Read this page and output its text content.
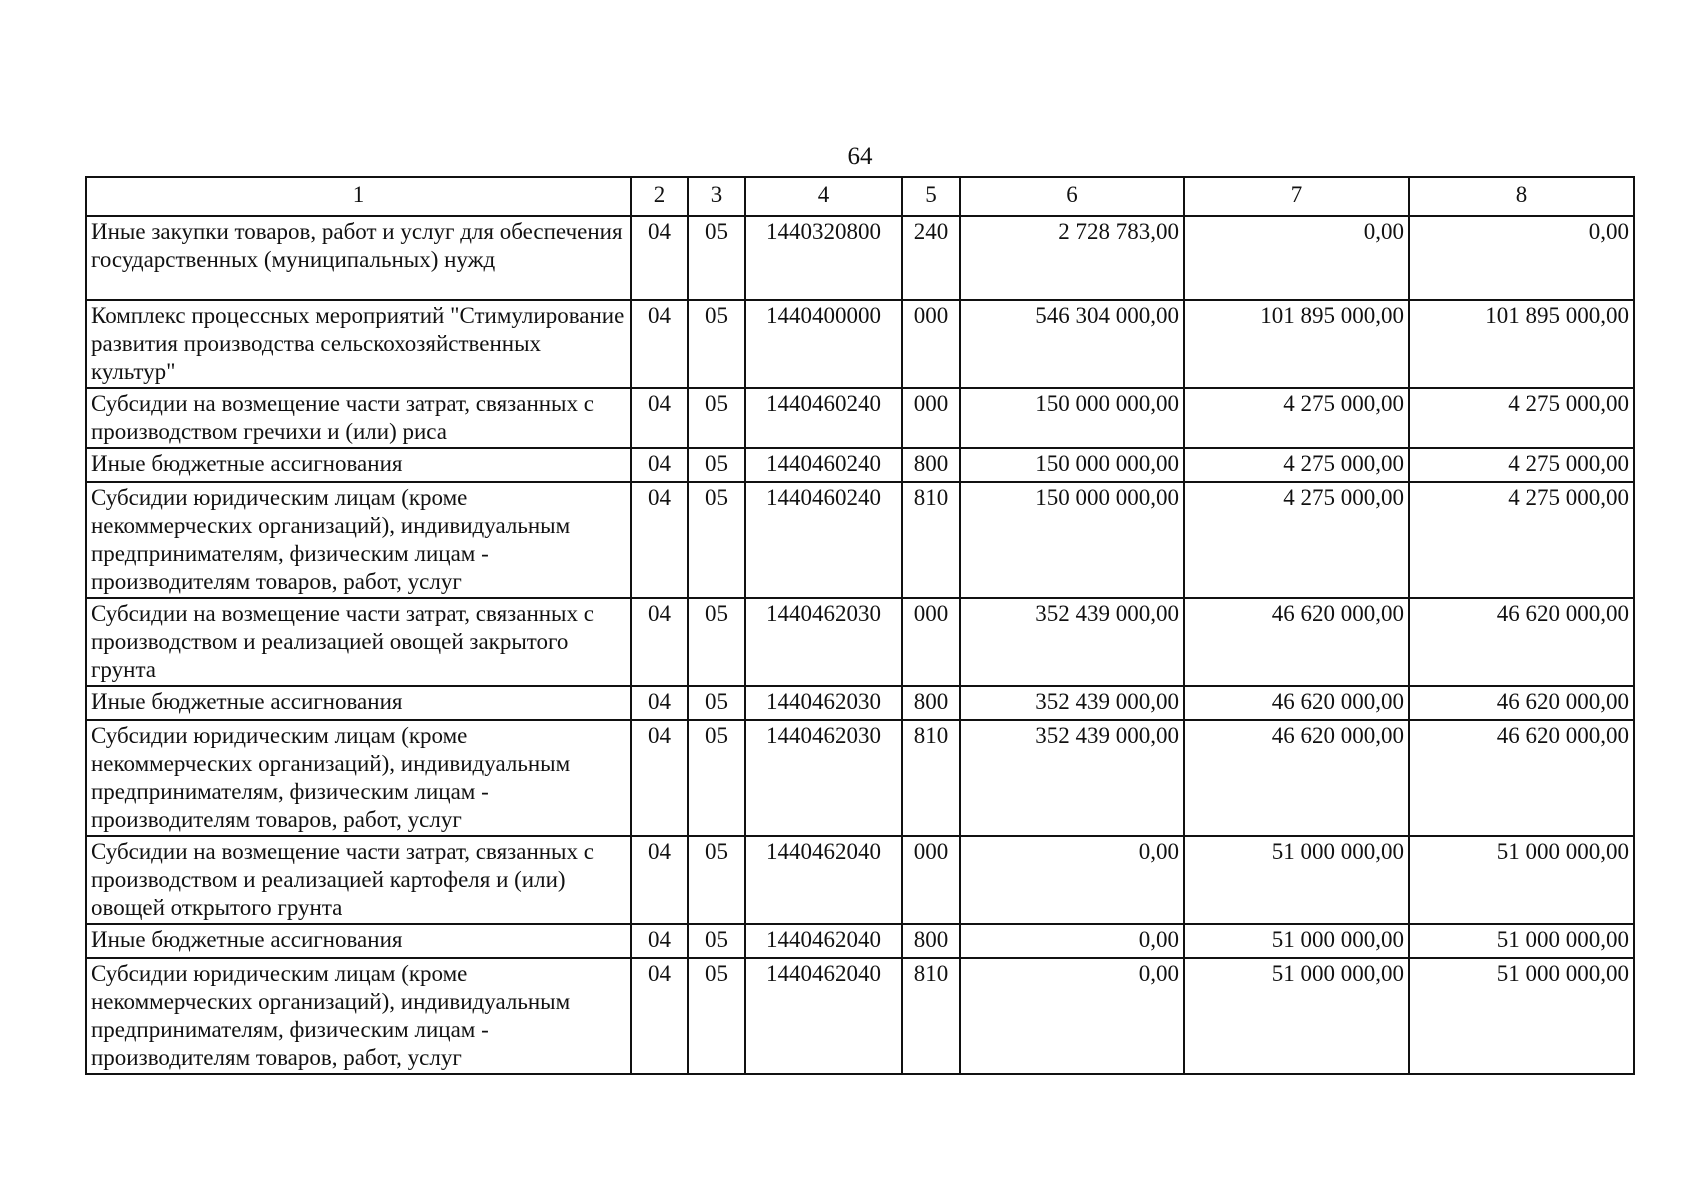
64
1	2	3	4	5	6	7	8
Иные закупки товаров, работ и услуг для обеспечения государственных (муниципальных) нужд	04	05	1440320800	240	2 728 783,00	0,00	0,00
Комплекс процессных мероприятий "Стимулирование развития производства сельскохозяйственных культур"	04	05	1440400000	000	546 304 000,00	101 895 000,00	101 895 000,00
Субсидии на возмещение части затрат, связанных с производством гречихи и (или) риса	04	05	1440460240	000	150 000 000,00	4 275 000,00	4 275 000,00
Иные бюджетные ассигнования	04	05	1440460240	800	150 000 000,00	4 275 000,00	4 275 000,00
Субсидии юридическим лицам (кроме некоммерческих организаций), индивидуальным предпринимателям, физическим лицам - производителям товаров, работ, услуг	04	05	1440460240	810	150 000 000,00	4 275 000,00	4 275 000,00
Субсидии на возмещение части затрат, связанных с производством и реализацией овощей закрытого грунта	04	05	1440462030	000	352 439 000,00	46 620 000,00	46 620 000,00
Иные бюджетные ассигнования	04	05	1440462030	800	352 439 000,00	46 620 000,00	46 620 000,00
Субсидии юридическим лицам (кроме некоммерческих организаций), индивидуальным предпринимателям, физическим лицам - производителям товаров, работ, услуг	04	05	1440462030	810	352 439 000,00	46 620 000,00	46 620 000,00
Субсидии на возмещение части затрат, связанных с производством и реализацией картофеля и (или) овощей открытого грунта	04	05	1440462040	000	0,00	51 000 000,00	51 000 000,00
Иные бюджетные ассигнования	04	05	1440462040	800	0,00	51 000 000,00	51 000 000,00
Субсидии юридическим лицам (кроме некоммерческих организаций), индивидуальным предпринимателям, физическим лицам - производителям товаров, работ, услуг	04	05	1440462040	810	0,00	51 000 000,00	51 000 000,00
